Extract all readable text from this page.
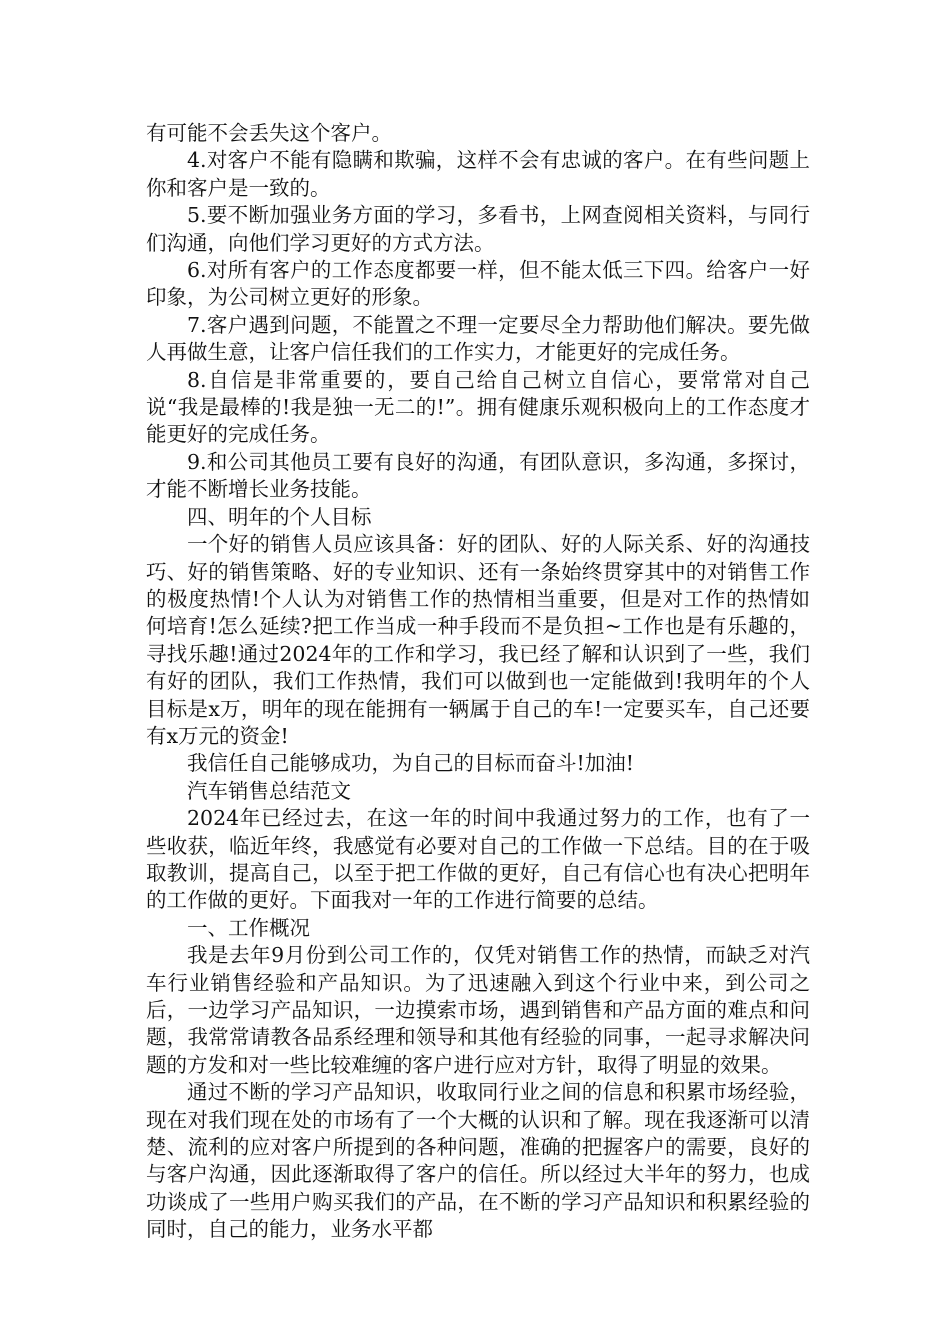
有可能不会丢失这个客户。

4.对客户不能有隐瞒和欺骗，这样不会有忠诚的客户。在有些问题上你和客户是一致的。

5.要不断加强业务方面的学习，多看书，上网查阅相关资料，与同行们沟通，向他们学习更好的方式方法。

6.对所有客户的工作态度都要一样，但不能太低三下四。给客户一好印象，为公司树立更好的形象。

7.客户遇到问题，不能置之不理一定要尽全力帮助他们解决。要先做人再做生意，让客户信任我们的工作实力，才能更好的完成任务。

8.自信是非常重要的，要自己给自己树立自信心，要常常对自己说“我是最棒的!我是独一无二的!”。拥有健康乐观积极向上的工作态度才能更好的完成任务。

9.和公司其他员工要有良好的沟通，有团队意识，多沟通，多探讨，才能不断增长业务技能。

四、明年的个人目标

一个好的销售人员应该具备：好的团队、好的人际关系、好的沟通技巧、好的销售策略、好的专业知识、还有一条始终贯穿其中的对销售工作的极度热情!个人认为对销售工作的热情相当重要，但是对工作的热情如何培育!怎么延续?把工作当成一种手段而不是负担~工作也是有乐趣的，寻找乐趣!通过2024年的工作和学习，我已经了解和认识到了一些，我们有好的团队，我们工作热情，我们可以做到也一定能做到!我明年的个人目标是x万，明年的现在能拥有一辆属于自己的车!一定要买车，自己还要有x万元的资金!

我信任自己能够成功，为自己的目标而奋斗!加油!

汽车销售总结范文

2024年已经过去，在这一年的时间中我通过努力的工作，也有了一些收获，临近年终，我感觉有必要对自己的工作做一下总结。目的在于吸取教训，提高自己，以至于把工作做的更好，自己有信心也有决心把明年的工作做的更好。下面我对一年的工作进行简要的总结。

一、工作概况

我是去年9月份到公司工作的，仅凭对销售工作的热情，而缺乏对汽车行业销售经验和产品知识。为了迅速融入到这个行业中来，到公司之后，一边学习产品知识，一边摸索市场，遇到销售和产品方面的难点和问题，我常常请教各品系经理和领导和其他有经验的同事，一起寻求解决问题的方发和对一些比较难缠的客户进行应对方针，取得了明显的效果。

通过不断的学习产品知识，收取同行业之间的信息和积累市场经验，现在对我们现在处的市场有了一个大概的认识和了解。现在我逐渐可以清楚、流利的应对客户所提到的各种问题，准确的把握客户的需要，良好的与客户沟通，因此逐渐取得了客户的信任。所以经过大半年的努力，也成功谈成了一些用户购买我们的产品，在不断的学习产品知识和积累经验的同时，自己的能力，业务水平都
